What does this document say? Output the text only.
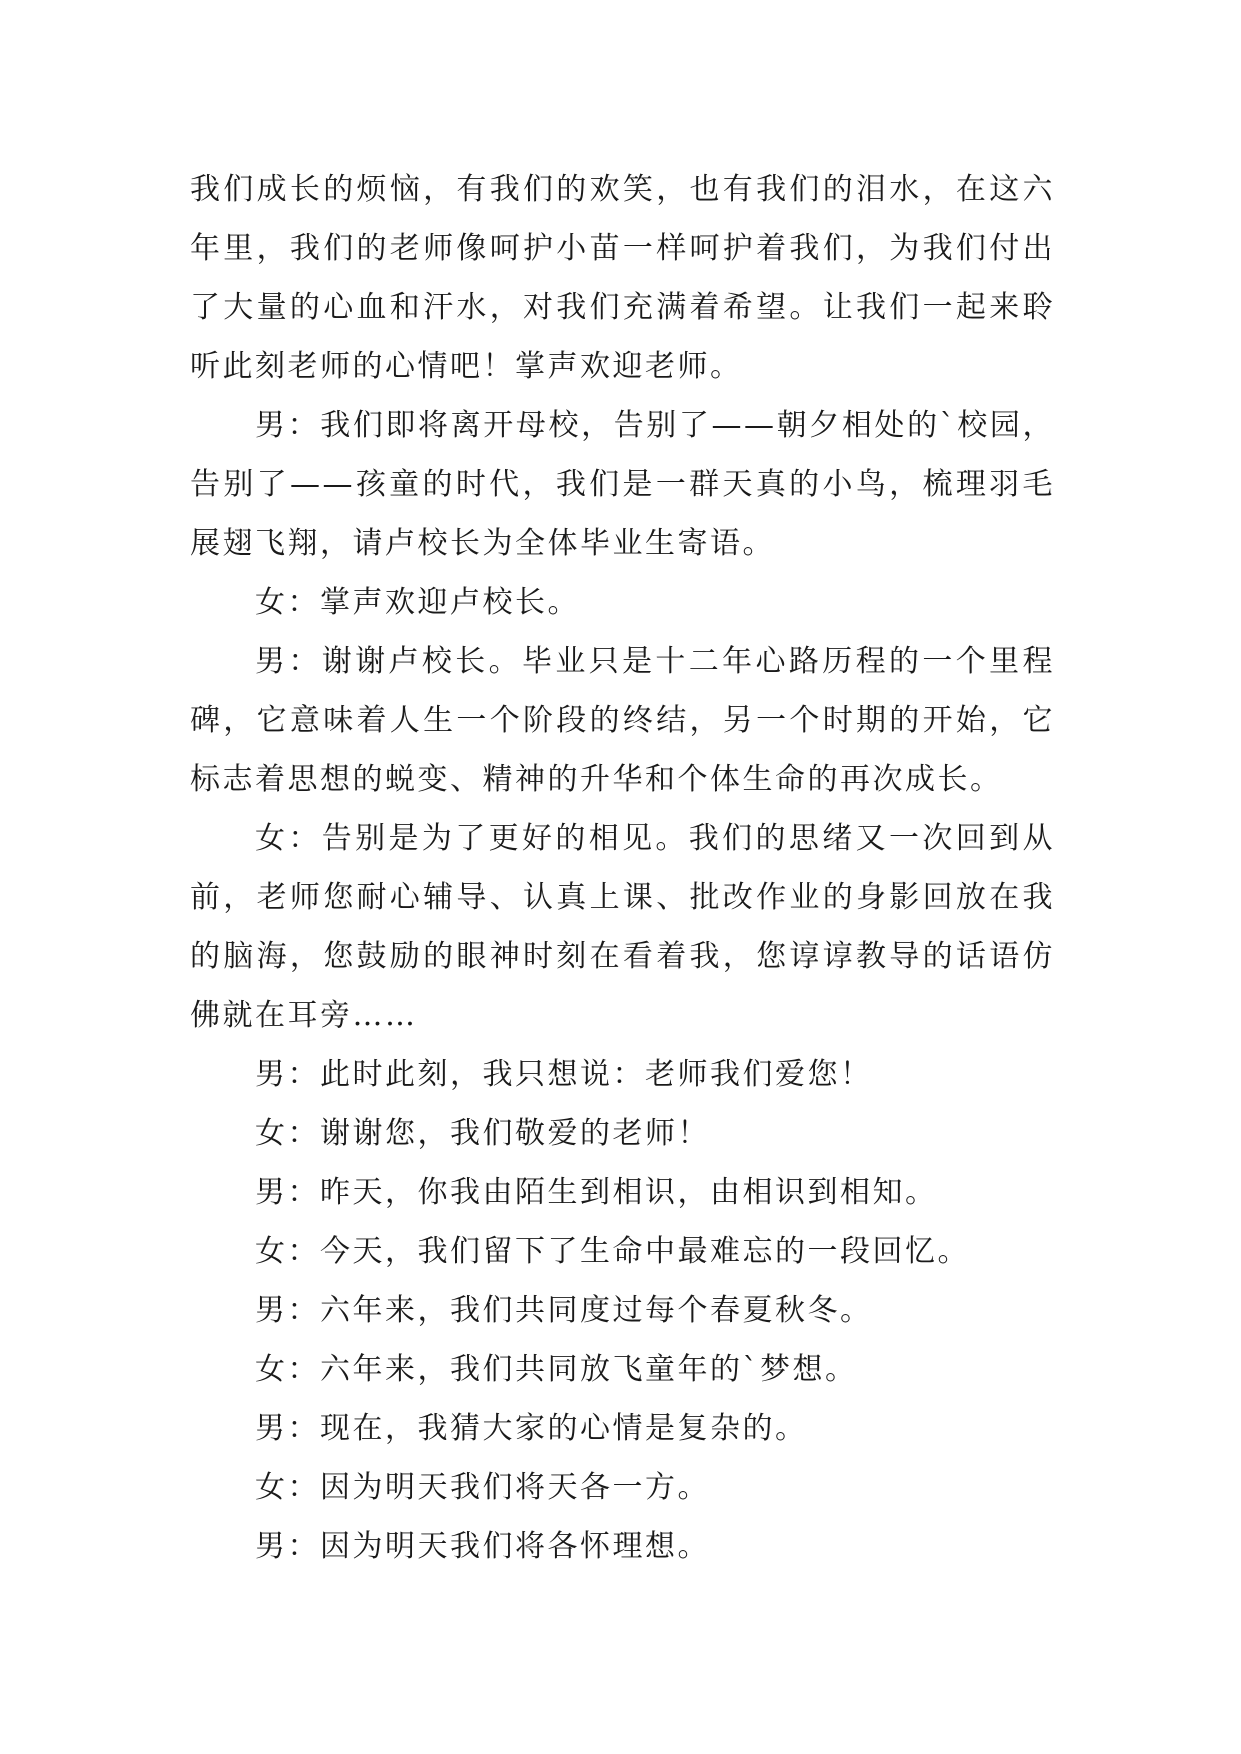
我们成长的烦恼，有我们的欢笑，也有我们的泪水，在这六年里，我们的老师像呵护小苗一样呵护着我们，为我们付出了大量的心血和汗水，对我们充满着希望。让我们一起来聆听此刻老师的心情吧！掌声欢迎老师。

男：我们即将离开母校，告别了——朝夕相处的`校园，告别了——孩童的时代，我们是一群天真的小鸟，梳理羽毛展翅飞翔，请卢校长为全体毕业生寄语。

女：掌声欢迎卢校长。

男：谢谢卢校长。毕业只是十二年心路历程的一个里程碑，它意味着人生一个阶段的终结，另一个时期的开始，它标志着思想的蜕变、精神的升华和个体生命的再次成长。

女：告别是为了更好的相见。我们的思绪又一次回到从前，老师您耐心辅导、认真上课、批改作业的身影回放在我的脑海，您鼓励的眼神时刻在看着我，您谆谆教导的话语仿佛就在耳旁……

男：此时此刻，我只想说：老师我们爱您！

女：谢谢您，我们敬爱的老师！

男：昨天，你我由陌生到相识，由相识到相知。

女：今天，我们留下了生命中最难忘的一段回忆。

男：六年来，我们共同度过每个春夏秋冬。

女：六年来，我们共同放飞童年的`梦想。

男：现在，我猜大家的心情是复杂的。

女：因为明天我们将天各一方。

男：因为明天我们将各怀理想。
